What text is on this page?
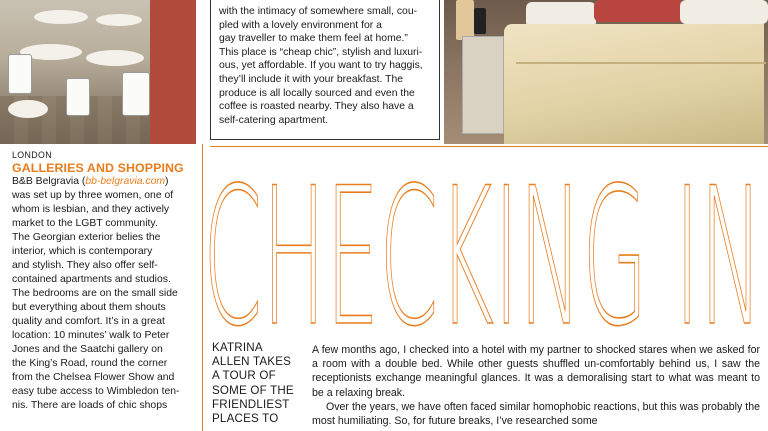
with the intimacy of somewhere small, cou-
pled with a lovely environment for a
gay traveller to make them feel at home.”
This place is “cheap chic”, stylish and luxuri-
ous, yet affordable. If you want to try haggis,
they’ll include it with your breakfast. The
produce is all locally sourced and even the
coffee is roasted nearby. They also have a
self-catering apartment.
LONDON
GALLERIES AND SHOPPING
B&B Belgravia (bb-belgravia.com)
was set up by three women, one of
whom is lesbian, and they actively
market to the LGBT community.
The Georgian exterior belies the
interior, which is contemporary
and stylish. They also offer self-
contained apartments and studios.
The bedrooms are on the small side
but everything about them shouts
quality and comfort. It’s in a great
location: 10 minutes’ walk to Peter
Jones and the Saatchi gallery on
the King’s Road, round the corner
from the Chelsea Flower Show and
easy tube access to Wimbledon ten-
nis. There are loads of chic shops
CHECKING IN
KATRINA
ALLEN TAKES
A TOUR OF
SOME OF THE
FRIENDLIEST
PLACES TO

A few months ago, I checked into a hotel with my partner to shocked stares when we asked for a room with a double bed. While other guests shuffled un-comfortably behind us, I saw the receptionists exchange meaningful glances. It was a demoralising start to what was meant to be a relaxing break.

Over the years, we have often faced similar homophobic reactions, but this was probably the most humiliating. So, for future breaks, I’ve researched some
